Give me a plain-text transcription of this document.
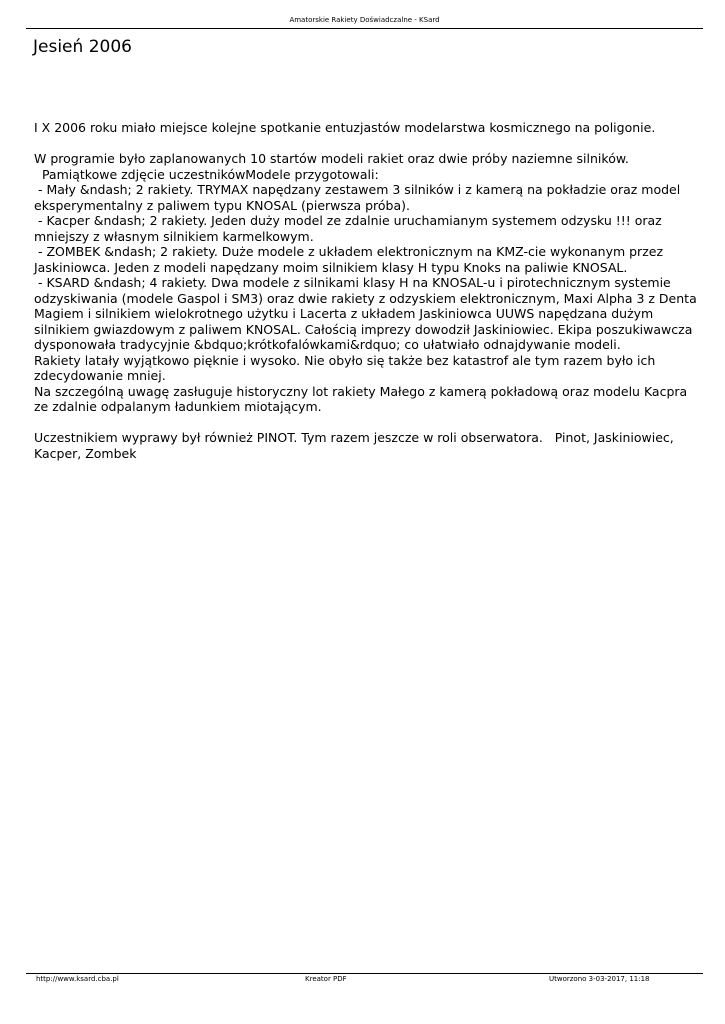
Amatorskie Rakiety Doświadczalne - KSard
Jesień 2006

I X 2006 roku miało miejsce kolejne spotkanie entuzjastów modelarstwa kosmicznego na poligonie.

W programie było zaplanowanych 10 startów modeli rakiet oraz dwie próby naziemne silników.

Pamiątkowe zdjęcie uczestnikówModele przygotowali:

- Mały &ndash; 2 rakiety. TRYMAX napędzany zestawem 3 silników i z kamerą na pokładzie oraz model

eksperymentalny z paliwem typu KNOSAL (pierwsza próba).

- Kacper &ndash; 2 rakiety. Jeden duży model ze zdalnie uruchamianym systemem odzysku !!! oraz

mniejszy z własnym silnikiem karmelkowym.

- ZOMBEK &ndash; 2 rakiety. Duże modele z układem elektronicznym na KMZ-cie wykonanym przez

Jaskiniowca. Jeden z modeli napędzany moim silnikiem klasy H typu Knoks na paliwie KNOSAL.

- KSARD &ndash; 4 rakiety. Dwa modele z silnikami klasy H na KNOSAL-u i pirotechnicznym systemie

odzyskiwania (modele Gaspol i SM3) oraz dwie rakiety z odzyskiem elektronicznym, Maxi Alpha 3 z Denta

Magiem i silnikiem wielokrotnego użytku i Lacerta z układem Jaskiniowca UUWS napędzana dużym

silnikiem gwiazdowym z paliwem KNOSAL. Całością imprezy dowodził Jaskiniowiec. Ekipa poszukiwawcza

dysponowała tradycyjnie &bdquo;krótkofalówkami&rdquo; co ułatwiało odnajdywanie modeli.

Rakiety latały wyjątkowo pięknie i wysoko. Nie obyło się także bez katastrof ale tym razem było ich

zdecydowanie mniej.

Na szczególną uwagę zasługuje historyczny lot rakiety Małego z kamerą pokładową oraz modelu Kacpra

ze zdalnie odpalanym ładunkiem miotającym.

Uczestnikiem wyprawy był również PINOT. Tym razem jeszcze w roli obserwatora.   Pinot, Jaskiniowiec,

Kacper, Zombek

http://www.ksard.cba.pl	Kreator PDF	Utworzono 3-03-2017, 11:18
